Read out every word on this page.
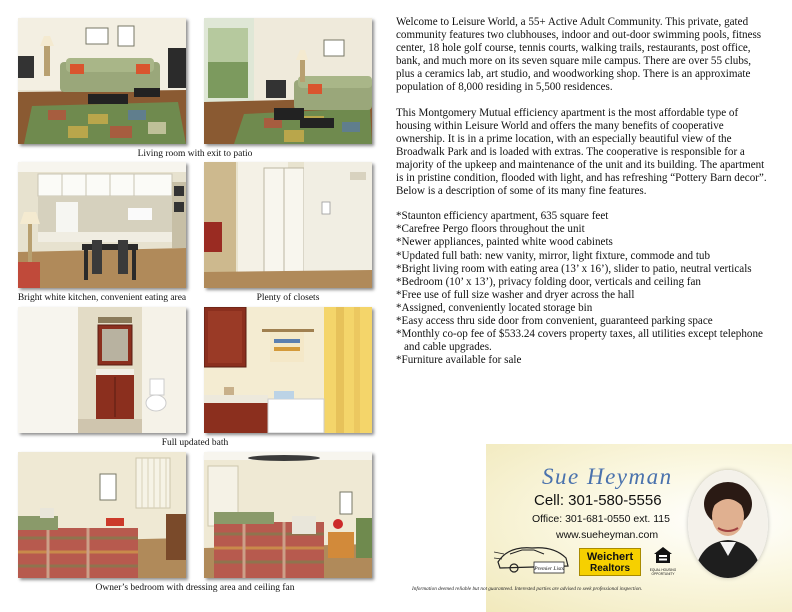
Living room with exit to patio
Bright white kitchen, convenient eating area	Plenty of closets
Full updated bath
Owner’s bedroom with dressing area and ceiling fan

Welcome to Leisure World, a 55+ Active Adult Community. This private, gated community features two clubhouses, indoor and out-door swimming pools, fitness center, 18 hole golf course, tennis courts, walking trails, restaurants, post office, bank, and much more on its seven square mile campus. There are over 55 clubs, plus a ceramics lab, art studio, and woodworking shop. There is an approximate population of 8,000 residing in 5,500 residences.

This Montgomery Mutual efficiency apartment is the most affordable type of housing within Leisure World and offers the many benefits of cooperative ownership. It is in a prime location, with an especially beautiful view of the Broadwalk Park and is loaded with extras. The cooperative is responsible for a majority of the upkeep and maintenance of the unit and its building. The apartment is in pristine condition, flooded with light, and has refreshing “Pottery Barn decor”. Below is a description of some of its many fine features.

*Staunton efficiency apartment, 635 square feet
*Carefree Pergo floors throughout the unit
*Newer appliances, painted white wood cabinets
*Updated full bath: new vanity, mirror, light fixture, commode and tub
*Bright living room with eating area (13’ x 16’), slider to patio, neutral verticals
*Bedroom (10’ x 13’), privacy folding door, verticals and ceiling fan
*Free use of full size washer and dryer across the hall
*Assigned, conveniently located storage bin
*Easy access thru side door from convenient, guaranteed parking space
*Monthly co-op fee of $533.24 covers property taxes, all utilities except telephone and cable upgrades.
*Furniture available for sale
Sue Heyman
Cell: 301-580-5556
Office: 301-681-0550 ext. 115
www.sueheyman.com
Premier Lists
Weichert
Realtors	EQUAL HOUSING
OPPORTUNITY
Information deemed reliable but not guaranteed. Interested parties are advised to seek professional inspection.
